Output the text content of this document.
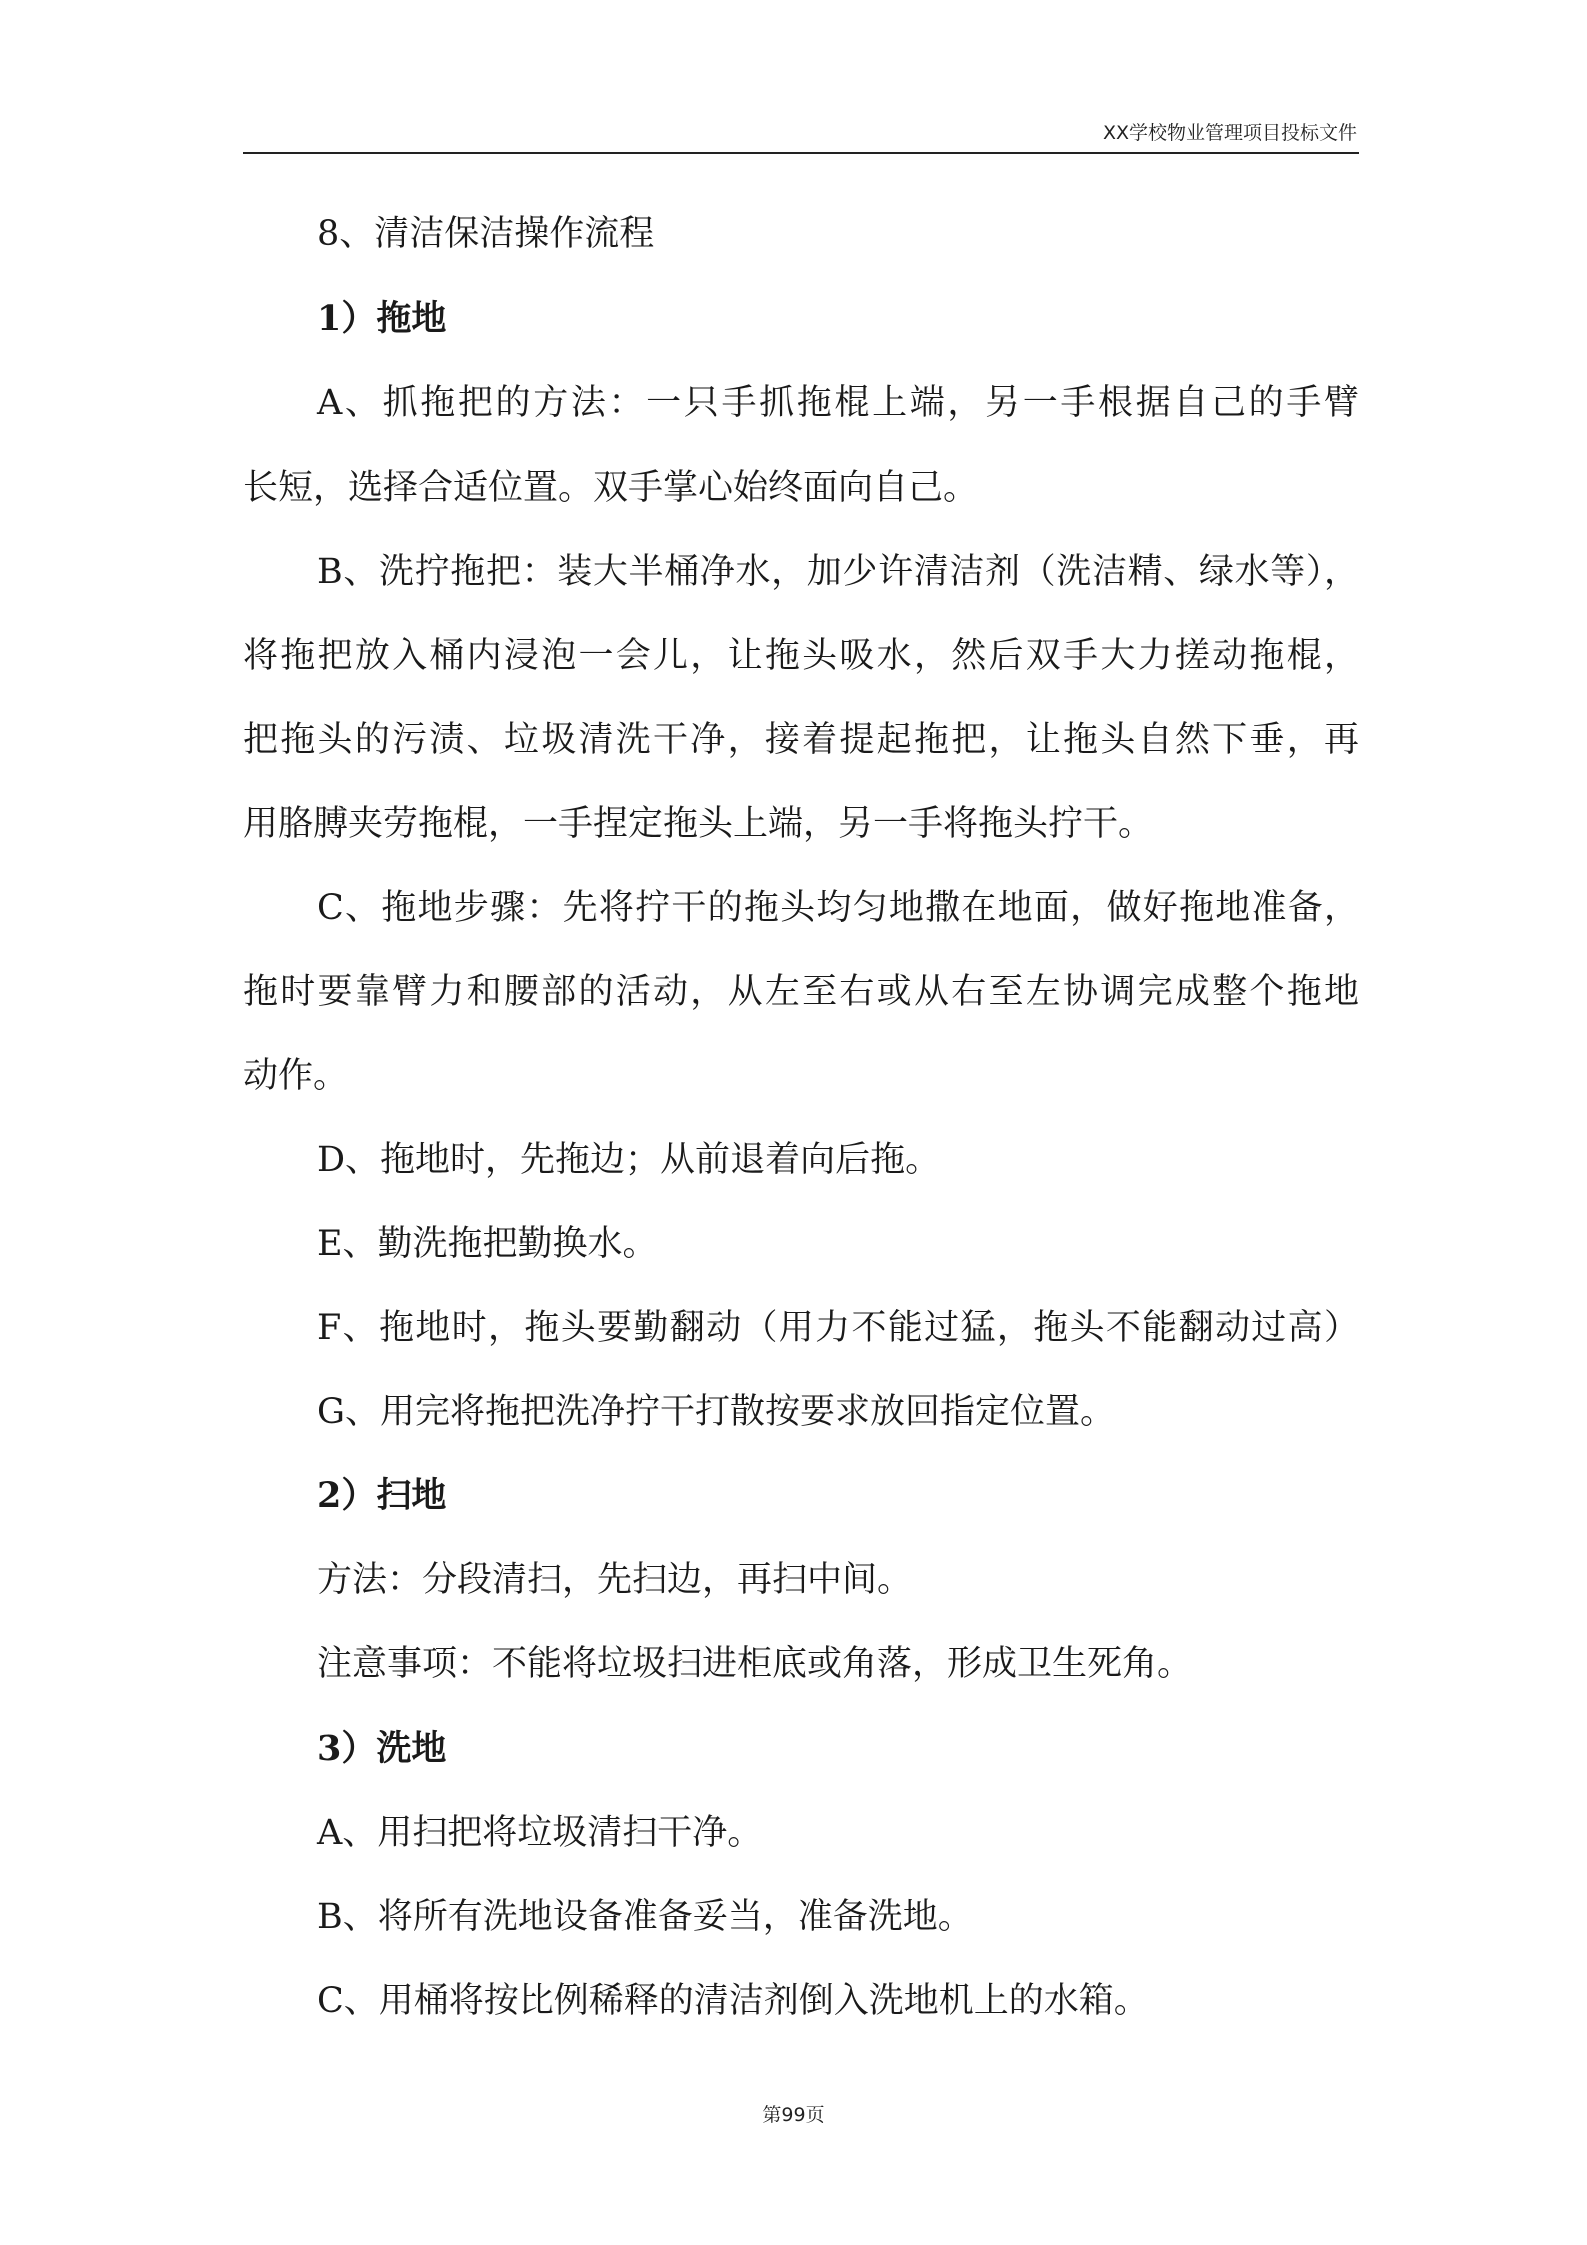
XX学校物业管理项目投标文件
8、清洁保洁操作流程
1）拖地
A、抓拖把的方法：一只手抓拖棍上端，另一手根据自己的手臂
长短，选择合适位置。双手掌心始终面向自己。
B、洗拧拖把：装大半桶净水，加少许清洁剂（洗洁精、绿水等），
将拖把放入桶内浸泡一会儿，让拖头吸水，然后双手大力搓动拖棍，
把拖头的污渍、垃圾清洗干净，接着提起拖把，让拖头自然下垂，再
用胳膊夹劳拖棍，一手捏定拖头上端，另一手将拖头拧干。
C、拖地步骤：先将拧干的拖头均匀地撒在地面，做好拖地准备，
拖时要靠臂力和腰部的活动，从左至右或从右至左协调完成整个拖地
动作。
D、拖地时，先拖边；从前退着向后拖。
E、勤洗拖把勤换水。
F、拖地时，拖头要勤翻动（用力不能过猛，拖头不能翻动过高）
G、用完将拖把洗净拧干打散按要求放回指定位置。
2）扫地
方法：分段清扫，先扫边，再扫中间。
注意事项：不能将垃圾扫进柜底或角落，形成卫生死角。
3）洗地
A、用扫把将垃圾清扫干净。
B、将所有洗地设备准备妥当，准备洗地。
C、用桶将按比例稀释的清洁剂倒入洗地机上的水箱。
第99页
